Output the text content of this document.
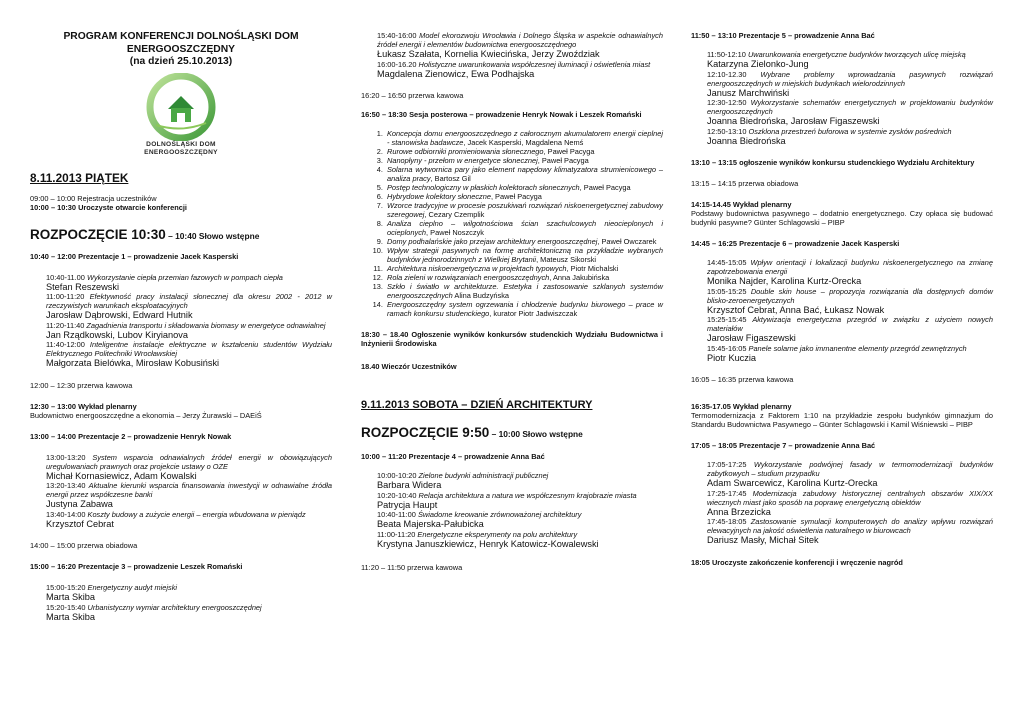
PROGRAM KONFERENCJI DOLNOŚLĄSKI DOM
ENERGOOSZCZĘDNY
(na dzień 25.10.2013)
DOLNOŚLĄSKI DOM
ENERGOOSZCZĘDNY
8.11.2013 PIĄTEK

09:00 – 10:00 Rejestracja uczestników

10:00 – 10:30 Uroczyste otwarcie konferencji

ROZPOCZĘCIE 10:30 – 10:40 Słowo wstępne

10:40 – 12:00 Prezentacje 1 – prowadzenie Jacek Kasperski

10:40-11.00 Wykorzystanie ciepła przemian fazowych w pompach ciepła
Stefan Reszewski
11:00-11:20 Efektywność pracy instalacji słonecznej dla okresu 2002 - 2012 w rzeczywistych warunkach eksploatacyjnych
Jarosław Dąbrowski, Edward Hutnik
11:20-11:40 Zagadnienia transportu i składowania biomasy w energetyce odnawialnej
Jan Rządkowski, Lubov Kiryianova
11:40-12:00 Inteligentne instalacje elektryczne w kształceniu studentów Wydziału Elektrycznego Politechniki Wrocławskiej
Małgorzata Bielówka, Mirosław Kobusiński

12:00 – 12:30 przerwa kawowa

12:30 – 13:00 Wykład plenarny

Budownictwo energooszczędne a ekonomia – Jerzy Żurawski – DAEiŚ

13:00 – 14:00 Prezentacje 2 – prowadzenie Henryk Nowak

13:00-13:20 System wsparcia odnawialnych źródeł energii w obowiązujących uregulowaniach prawnych oraz projekcie ustawy o OZE
Michał Kornasiewicz, Adam Kowalski
13:20-13:40 Aktualne kierunki wsparcia finansowania inwestycji w odnawialne źródła energii przez współczesne banki
Justyna Zabawa
13:40-14:00 Koszty budowy a zużycie energii – energia wbudowana w pieniądz
Krzysztof Cebrat

14:00 – 15:00 przerwa obiadowa

15:00 – 16:20 Prezentacje 3 – prowadzenie Leszek Romański

15:00-15:20 Energetyczny audyt miejski
Marta Skiba
15:20-15:40 Urbanistyczny wymiar architektury energooszczędnej
Marta Skiba
15:40-16:00 Model ekorozwoju Wrocławia i Dolnego Śląska w aspekcie odnawialnych źródeł energii i elementów budownictwa energooszczędnego
Łukasz Szałata, Kornelia Kwiecińska, Jerzy Zwoździak
16:00-16.20 Holistyczne uwarunkowania współczesnej iluminacji i oświetlenia miast
Magdalena Zienowicz, Ewa Podhajska

16:20 – 16:50 przerwa kawowa

16:50 – 18:30 Sesja posterowa – prowadzenie Henryk Nowak i Leszek Romański

1. Koncepcja domu energooszczędnego z całorocznym akumulatorem energii cieplnej - stanowiska badawcze, Jacek Kasperski, Magdalena Nemś
2. Rurowe odbiorniki promieniowania słonecznego, Paweł Pacyga
3. Nanopłyny - przełom w energetyce słonecznej, Paweł Pacyga
4. Solarna wytwornica pary jako element napędowy klimatyzatora strumienicowego – analiza pracy, Bartosz Gil
5. Postęp technologiczny w płaskich kolektorach słonecznych, Paweł Pacyga
6. Hybrydowe kolektory słoneczne, Paweł Pacyga
7. Wzorce tradycyjne w procesie poszukiwań rozwiązań niskoenergetycznej zabudowy szeregowej, Cezary Czemplik
8. Analiza cieplno – wilgotnościowa ścian szachulcowych nieocieplonych i ocieplonych, Paweł Noszczyk
9. Domy podhalańskie jako przejaw architektury energooszczędnej, Paweł Owczarek
10. Wpływ strategii pasywnych na formę architektoniczną na przykładzie wybranych budynków jednorodzinnych z Wielkiej Brytanii, Mateusz Sikorski
11. Architektura niskoenergetyczna w projektach typowych, Piotr Michalski
12. Rola zieleni w rozwiązaniach energooszczędnych, Anna Jakubińska
13. Szkło i światło w architekturze. Estetyka i zastosowanie szklanych systemów energooszczędnych Alina Budzyńska
14. Energooszczędny system ogrzewania i chłodzenie budynku biurowego – prace w ramach konkursu studenckiego, kurator Piotr Jadwiszczak

18:30 – 18.40 Ogłoszenie wyników konkursów studenckich Wydziału Budownictwa i Inżynierii Środowiska

18.40 Wieczór Uczestników

9.11.2013 SOBOTA – DZIEŃ ARCHITEKTURY
ROZPOCZĘCIE 9:50 – 10:00 Słowo wstępne

10:00 – 11:20 Prezentacje 4 – prowadzenie Anna Bać

10:00-10:20 Zielone budynki administracji publicznej
Barbara Widera
10:20-10:40 Relacja architektura a natura we współczesnym krajobrazie miasta
Patrycja Haupt
10:40-11:00 Świadome kreowanie zrównoważonej architektury
Beata Majerska-Pałubicka
11:00-11:20 Energetyczne eksperymenty na polu architektury
Krystyna Januszkiewicz, Henryk Katowicz-Kowalewski

11:20 – 11:50 przerwa kawowa

11:50 – 13:10 Prezentacje 5 – prowadzenie Anna Bać

11:50-12:10 Uwarunkowania energetyczne budynków tworzących ulicę miejską
Katarzyna Zielonko-Jung
12:10-12.30 Wybrane problemy wprowadzania pasywnych rozwiązań energooszczędnych w miejskich budynkach wielorodzinnych
Janusz Marchwiński
12:30-12:50 Wykorzystanie schematów energetycznych w projektowaniu budynków energooszczędnych
Joanna Biedrońska, Jarosław Figaszewski
12:50-13:10 Oszklona przestrzeń buforowa w systemie zysków pośrednich
Joanna Biedrońska

13:10 – 13:15 ogłoszenie wyników konkursu studenckiego Wydziału Architektury

13:15 – 14:15 przerwa obiadowa

14:15-14.45 Wykład plenarny

Podstawy budownictwa pasywnego – dodatnio energetycznego. Czy opłaca się budować budynki pasywne? Günter Schlagowski – PIBP

14:45 – 16:25 Prezentacje 6 – prowadzenie Jacek Kasperski

14:45-15:05 Wpływ orientacji i lokalizacji budynku niskoenergetycznego na zmianę zapotrzebowania energii
Monika Najder, Karolina Kurtz-Orecka
15:05-15:25 Double skin house – propozycja rozwiązania dla dostępnych domów blisko-zeroenergetycznych
Krzysztof Cebrat, Anna Bać, Łukasz Nowak
15:25-15:45 Aktywizacja energetyczna przegród w związku z użyciem nowych materiałów
Jarosław Figaszewski
15:45-16:05 Panele solarne jako immanentne elementy przegród zewnętrznych
Piotr Kuczia

16:05 – 16:35 przerwa kawowa

16:35-17.05 Wykład plenarny

Termomodernizacja z Faktorem 1:10 na przykładzie zespołu budynków gimnazjum do Standardu Budownictwa Pasywnego – Günter Schlagowski i Kamil Wiśniewski – PIBP

17:05 – 18:05 Prezentacje 7 – prowadzenie Anna Bać

17:05-17:25 Wykorzystanie podwójnej fasady w termomodernizacji budynków zabytkowych – studium przypadku
Adam Swarcewicz, Karolina Kurtz-Orecka
17:25-17:45 Modernizacja zabudowy historycznej centralnych obszarów XIX/XX wiecznych miast jako sposób na poprawę energetyczną obiektów
Anna Brzezicka
17:45-18:05 Zastosowanie symulacji komputerowych do analizy wpływu rozwiązań elewacyjnych na jakość oświetlenia naturalnego w biurowcach
Dariusz Masły, Michał Sitek

18:05 Uroczyste zakończenie konferencji i wręczenie nagród
